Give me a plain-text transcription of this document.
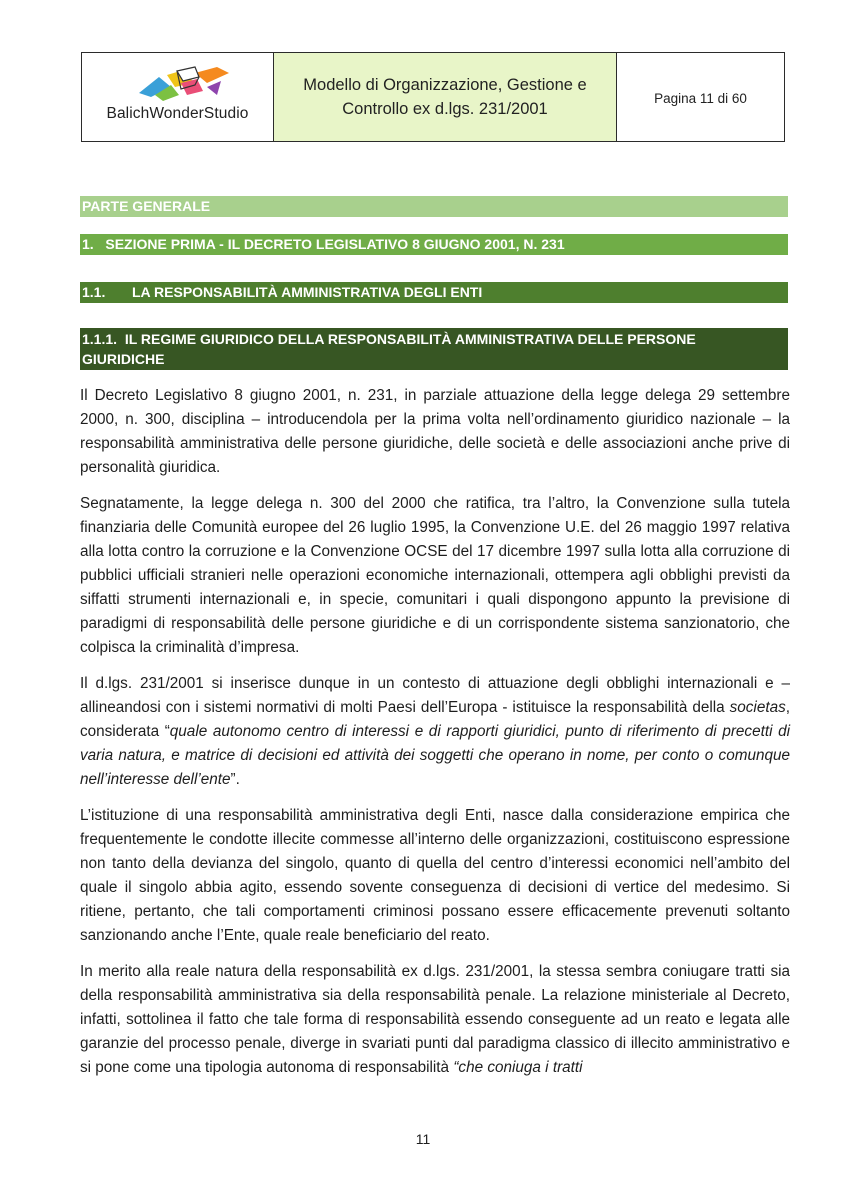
BalichWonderStudio
Modello di Organizzazione, Gestione e
Controllo ex d.lgs. 231/2001
Pagina 11 di 60
PARTE GENERALE
1. SEZIONE PRIMA - IL DECRETO LEGISLATIVO 8 GIUGNO 2001, N. 231
1.1. LA RESPONSABILITÀ AMMINISTRATIVA DEGLI ENTI
1.1.1. IL REGIME GIURIDICO DELLA RESPONSABILITÀ AMMINISTRATIVA DELLE PERSONE
GIURIDICHE

Il Decreto Legislativo 8 giugno 2001, n. 231, in parziale attuazione della legge delega 29 settembre 2000, n. 300, disciplina – introducendola per la prima volta nell’ordinamento giuridico nazionale – la responsabilità amministrativa delle persone giuridiche, delle società e delle associazioni anche prive di personalità giuridica.

Segnatamente, la legge delega n. 300 del 2000 che ratifica, tra l’altro, la Convenzione sulla tutela finanziaria delle Comunità europee del 26 luglio 1995, la Convenzione U.E. del 26 maggio 1997 relativa alla lotta contro la corruzione e la Convenzione OCSE del 17 dicembre 1997 sulla lotta alla corruzione di pubblici ufficiali stranieri nelle operazioni economiche internazionali, ottempera agli obblighi previsti da siffatti strumenti internazionali e, in specie, comunitari i quali dispongono appunto la previsione di paradigmi di responsabilità delle persone giuridiche e di un corrispondente sistema sanzionatorio, che colpisca la criminalità d’impresa.

Il d.lgs. 231/2001 si inserisce dunque in un contesto di attuazione degli obblighi internazionali e – allineandosi con i sistemi normativi di molti Paesi dell’Europa - istituisce la responsabilità della societas, considerata “quale autonomo centro di interessi e di rapporti giuridici, punto di riferimento di precetti di varia natura, e matrice di decisioni ed attività dei soggetti che operano in nome, per conto o comunque nell’interesse dell’ente”.

L’istituzione di una responsabilità amministrativa degli Enti, nasce dalla considerazione empirica che frequentemente le condotte illecite commesse all’interno delle organizzazioni, costituiscono espressione non tanto della devianza del singolo, quanto di quella del centro d’interessi economici nell’ambito del quale il singolo abbia agito, essendo sovente conseguenza di decisioni di vertice del medesimo. Si ritiene, pertanto, che tali comportamenti criminosi possano essere efficacemente prevenuti soltanto sanzionando anche l’Ente, quale reale beneficiario del reato.

In merito alla reale natura della responsabilità ex d.lgs. 231/2001, la stessa sembra coniugare tratti sia della responsabilità amministrativa sia della responsabilità penale. La relazione ministeriale al Decreto, infatti, sottolinea il fatto che tale forma di responsabilità essendo conseguente ad un reato e legata alle garanzie del processo penale, diverge in svariati punti dal paradigma classico di illecito amministrativo e si pone come una tipologia autonoma di responsabilità “che coniuga i tratti

11
